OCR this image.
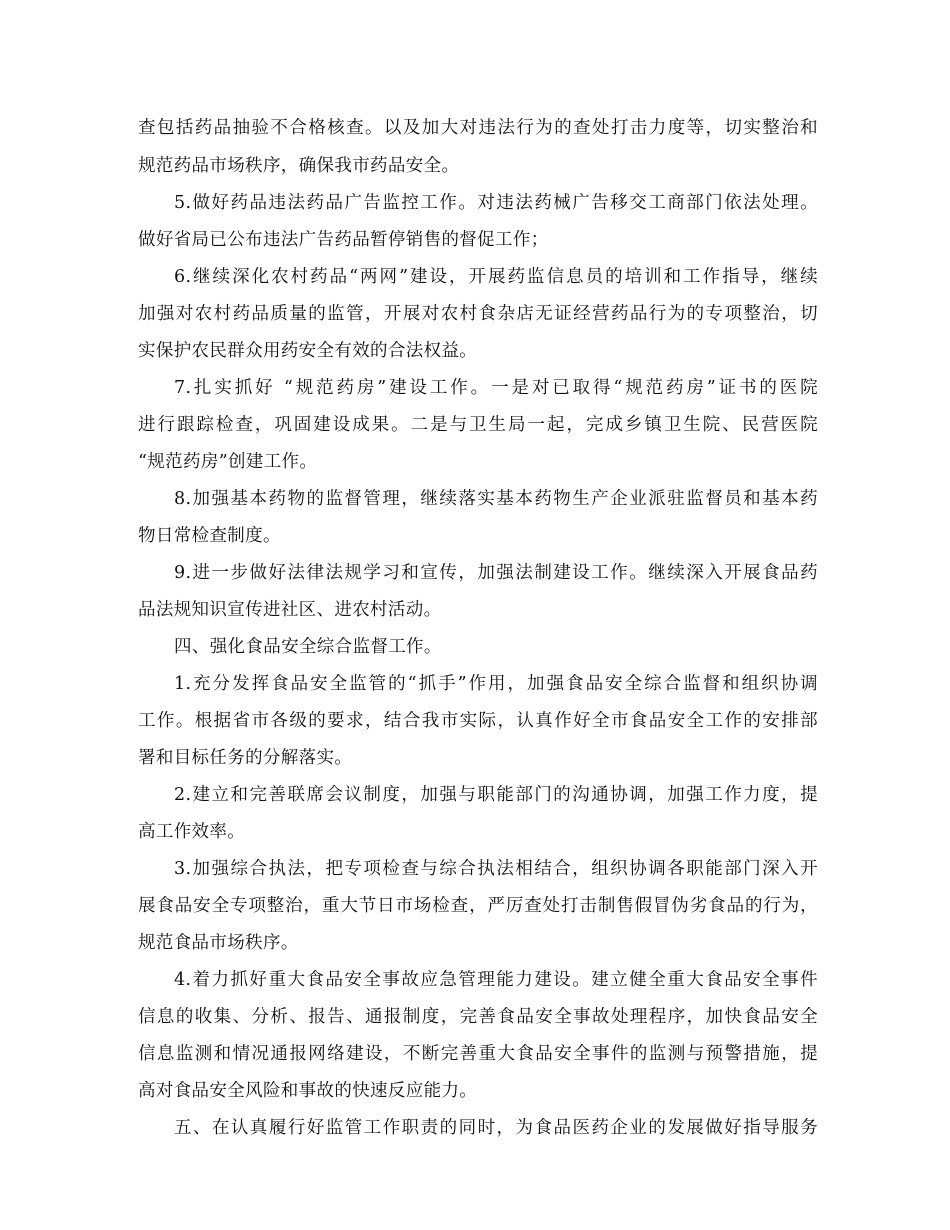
查包括药品抽验不合格核查。以及加大对违法行为的查处打击力度等，切实整治和
规范药品市场秩序，确保我市药品安全。
5.做好药品违法药品广告监控工作。对违法药械广告移交工商部门依法处理。
做好省局已公布违法广告药品暂停销售的督促工作；
6.继续深化农村药品“两网”建设，开展药监信息员的培训和工作指导，继续
加强对农村药品质量的监管，开展对农村食杂店无证经营药品行为的专项整治，切
实保护农民群众用药安全有效的合法权益。
7.扎实抓好 “规范药房”建设工作。一是对已取得“规范药房”证书的医院
进行跟踪检查，巩固建设成果。二是与卫生局一起，完成乡镇卫生院、民营医院
“规范药房”创建工作。
8.加强基本药物的监督管理，继续落实基本药物生产企业派驻监督员和基本药
物日常检查制度。
9.进一步做好法律法规学习和宣传，加强法制建设工作。继续深入开展食品药
品法规知识宣传进社区、进农村活动。
四、强化食品安全综合监督工作。
1.充分发挥食品安全监管的“抓手”作用，加强食品安全综合监督和组织协调
工作。根据省市各级的要求，结合我市实际，认真作好全市食品安全工作的安排部
署和目标任务的分解落实。
2.建立和完善联席会议制度，加强与职能部门的沟通协调，加强工作力度，提
高工作效率。
3.加强综合执法，把专项检查与综合执法相结合，组织协调各职能部门深入开
展食品安全专项整治，重大节日市场检查，严厉查处打击制售假冒伪劣食品的行为，
规范食品市场秩序。
4.着力抓好重大食品安全事故应急管理能力建设。建立健全重大食品安全事件
信息的收集、分析、报告、通报制度，完善食品安全事故处理程序，加快食品安全
信息监测和情况通报网络建设，不断完善重大食品安全事件的监测与预警措施，提
高对食品安全风险和事故的快速反应能力。
五、在认真履行好监管工作职责的同时，为食品医药企业的发展做好指导服务
